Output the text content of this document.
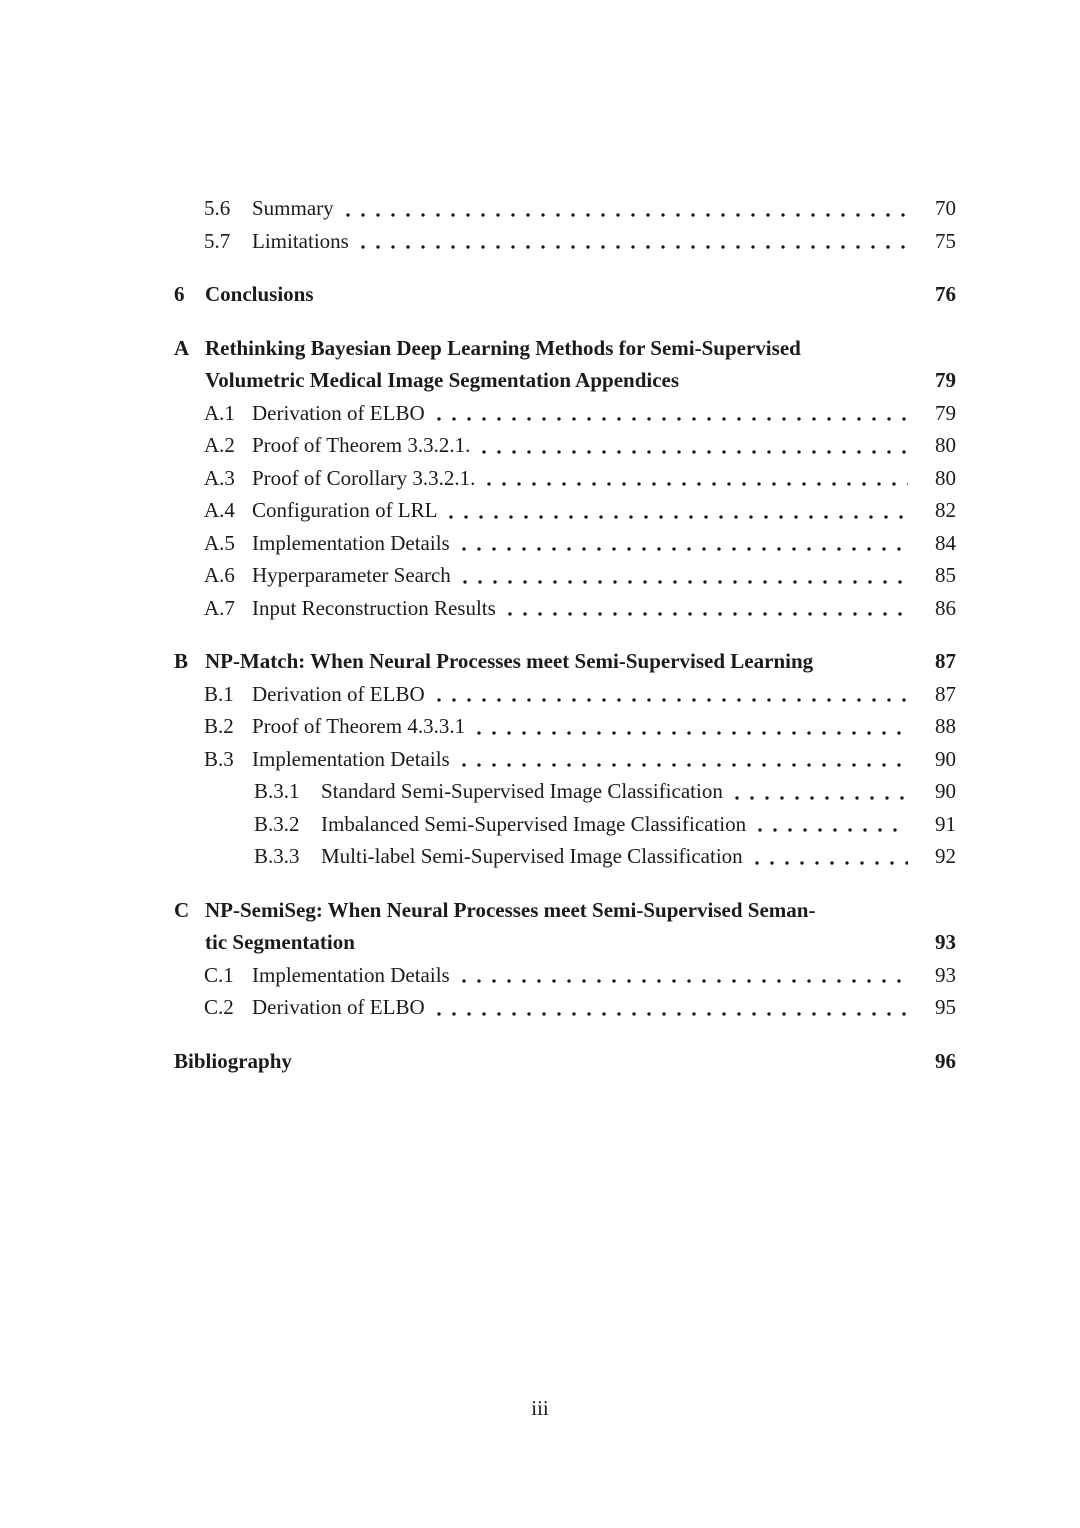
5.6	Summary	70
5.7	Limitations	75
6 Conclusions	76
A Rethinking Bayesian Deep Learning Methods for Semi-Supervised
Volumetric Medical Image Segmentation Appendices	79
A.1 Derivation of ELBO	79
A.2 Proof of Theorem 3.3.2.1.	80
A.3 Proof of Corollary 3.3.2.1.	80
A.4 Configuration of LRL	82
A.5 Implementation Details	84
A.6 Hyperparameter Search	85
A.7 Input Reconstruction Results	86
B NP-Match: When Neural Processes meet Semi-Supervised Learning	87
B.1 Derivation of ELBO	87
B.2 Proof of Theorem 4.3.3.1	88
B.3 Implementation Details	90
B.3.1	Standard Semi-Supervised Image Classification	90
B.3.2	Imbalanced Semi-Supervised Image Classification	91
B.3.3	Multi-label Semi-Supervised Image Classification	92
C NP-SemiSeg: When Neural Processes meet Semi-Supervised Seman-
tic Segmentation	93
C.1 Implementation Details	93
C.2 Derivation of ELBO	95
Bibliography	96
iii
